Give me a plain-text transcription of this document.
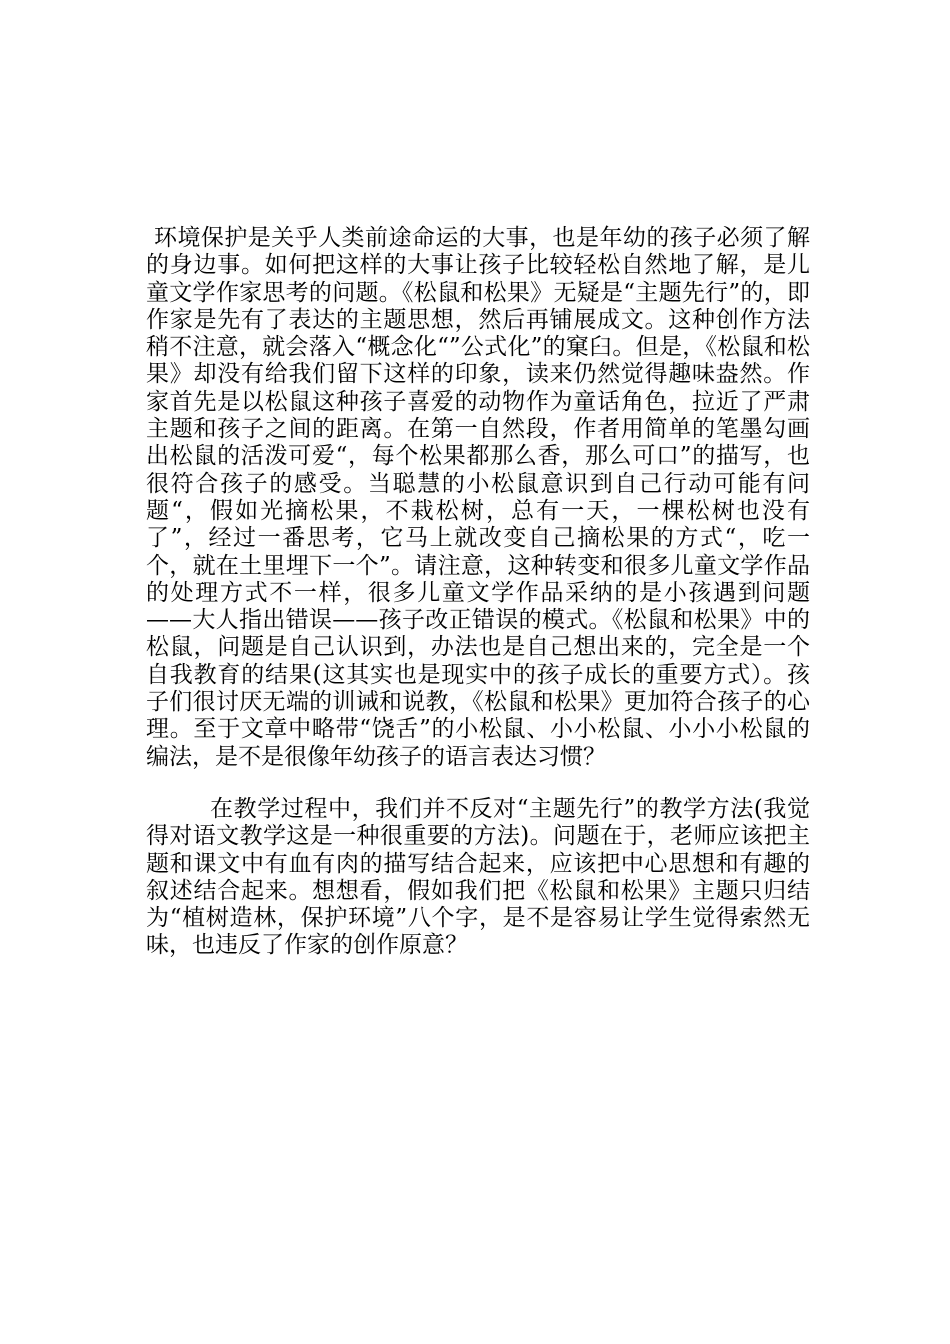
环境保护是关乎人类前途命运的大事，也是年幼的孩子必须了解的身边事。如何把这样的大事让孩子比较轻松自然地了解，是儿童文学作家思考的问题。《松鼠和松果》无疑是“主题先行”的，即作家是先有了表达的主题思想，然后再铺展成文。这种创作方法稍不注意，就会落入“概念化“”公式化”的窠臼。但是，《松鼠和松果》却没有给我们留下这样的印象，读来仍然觉得趣味盎然。作家首先是以松鼠这种孩子喜爱的动物作为童话角色，拉近了严肃主题和孩子之间的距离。在第一自然段，作者用简单的笔墨勾画出松鼠的活泼可爱“，每个松果都那么香，那么可口”的描写，也很符合孩子的感受。当聪慧的小松鼠意识到自己行动可能有问题“，假如光摘松果，不栽松树，总有一天，一棵松树也没有了”，经过一番思考，它马上就改变自己摘松果的方式“，吃一个，就在土里埋下一个”。请注意，这种转变和很多儿童文学作品的处理方式不一样，很多儿童文学作品采纳的是小孩遇到问题——大人指出错误——孩子改正错误的模式。《松鼠和松果》中的松鼠，问题是自己认识到，办法也是自己想出来的，完全是一个自我教育的结果(这其实也是现实中的孩子成长的重要方式）。孩子们很讨厌无端的训诫和说教，《松鼠和松果》更加符合孩子的心理。至于文章中略带“饶舌”的小松鼠、小小松鼠、小小小松鼠的编法，是不是很像年幼孩子的语言表达习惯？

在教学过程中，我们并不反对“主题先行”的教学方法(我觉得对语文教学这是一种很重要的方法)。问题在于，老师应该把主题和课文中有血有肉的描写结合起来，应该把中心思想和有趣的叙述结合起来。想想看，假如我们把《松鼠和松果》主题只归结为“植树造林，保护环境”八个字，是不是容易让学生觉得索然无味，也违反了作家的创作原意？
